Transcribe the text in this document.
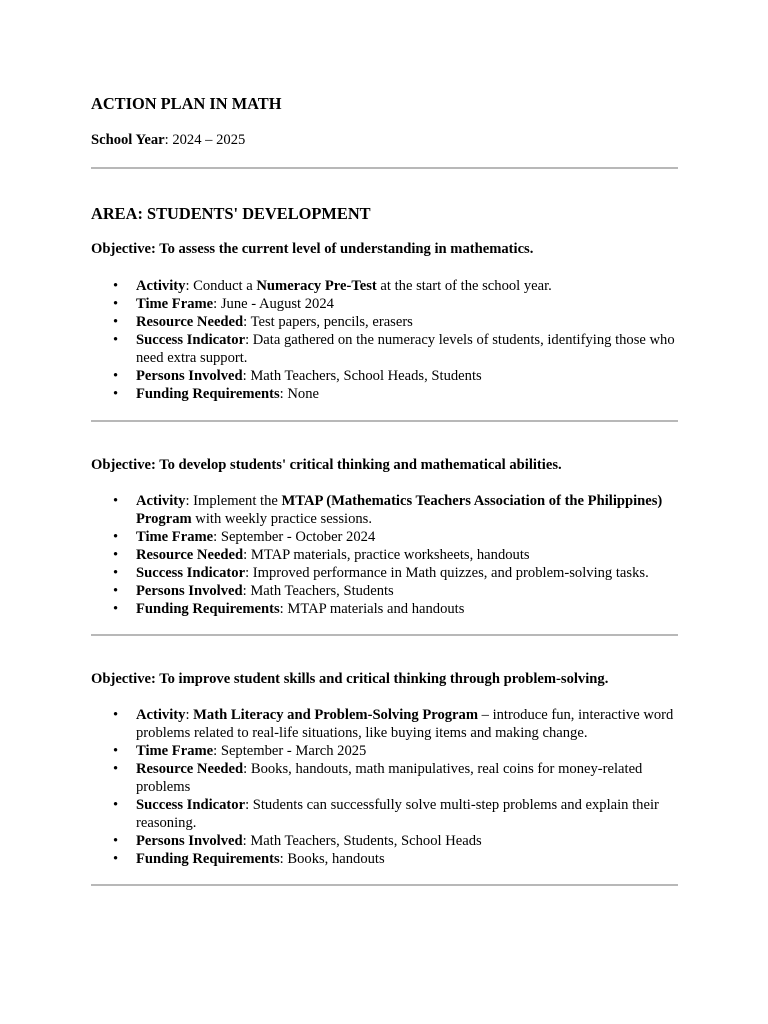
ACTION PLAN IN MATH

School Year: 2024 – 2025

AREA: STUDENTS' DEVELOPMENT

Objective: To assess the current level of understanding in mathematics.

• Activity: Conduct a Numeracy Pre-Test at the start of the school year.
• Time Frame: June - August 2024
• Resource Needed: Test papers, pencils, erasers
• Success Indicator: Data gathered on the numeracy levels of students, identifying those who need extra support.
• Persons Involved: Math Teachers, School Heads, Students
• Funding Requirements: None

Objective: To develop students' critical thinking and mathematical abilities.

• Activity: Implement the MTAP (Mathematics Teachers Association of the Philippines) Program with weekly practice sessions.
• Time Frame: September - October 2024
• Resource Needed: MTAP materials, practice worksheets, handouts
• Success Indicator: Improved performance in Math quizzes, and problem-solving tasks.
• Persons Involved: Math Teachers, Students
• Funding Requirements: MTAP materials and handouts

Objective: To improve student skills and critical thinking through problem-solving.

• Activity: Math Literacy and Problem-Solving Program – introduce fun, interactive word problems related to real-life situations, like buying items and making change.
• Time Frame: September - March 2025
• Resource Needed: Books, handouts, math manipulatives, real coins for money-related problems
• Success Indicator: Students can successfully solve multi-step problems and explain their reasoning.
• Persons Involved: Math Teachers, Students, School Heads
• Funding Requirements: Books, handouts
